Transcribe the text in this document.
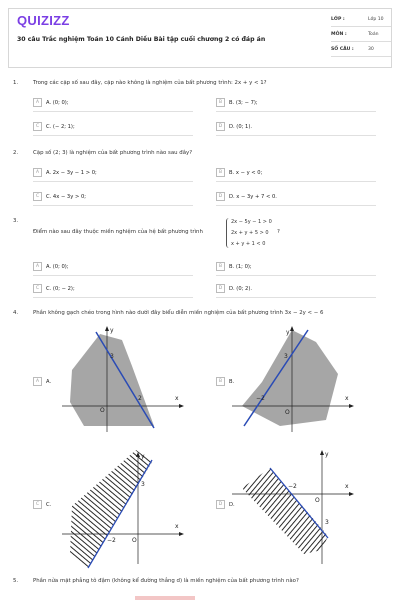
QUIZIZZ
30 câu Trắc nghiệm Toán 10 Cánh Diều Bài tập cuối chương 2 có đáp án
LỚP :	Lớp 10
MÔN :	Toán
SỐ CÂU :	30
1.	Trong các cặp số sau đây, cặp nào không là nghiệm của bất phương trình: 2x + y < 1?
A A. (0; 0);	B B. (3; − 7);
C C. (− 2; 1);	D D. (0; 1).
2.	Cặp số (2; 3) là nghiệm của bất phương trình nào sau đây?
A A. 2x − 3y − 1 > 0;	B B. x − y < 0;
C C. 4x − 3y > 0;	D D. x − 3y + 7 < 0.
3.
Điểm nào sau đây thuộc miền nghiệm của hệ bất phương trình
2x − 5y − 1 > 0
2x + y + 5 > 0
x + y + 1 < 0
?
A A. (0; 0);	B B. (1; 0);
C C. (0; − 2);	D D. (0; 2).
4.	Phần không gạch chéo trong hình nào dưới đây biểu diễn miền nghiệm của bất phương trình 3x − 2y < − 6
x
y
O
2
3
A A.
x
y
O
−2
3
B B.
x
y
O
−2
3
C C.
x
y
O
−2
3
D D.
5.	Phần nửa mặt phẳng tô đậm (không kể đường thẳng d) là miền nghiệm của bất phương trình nào?
